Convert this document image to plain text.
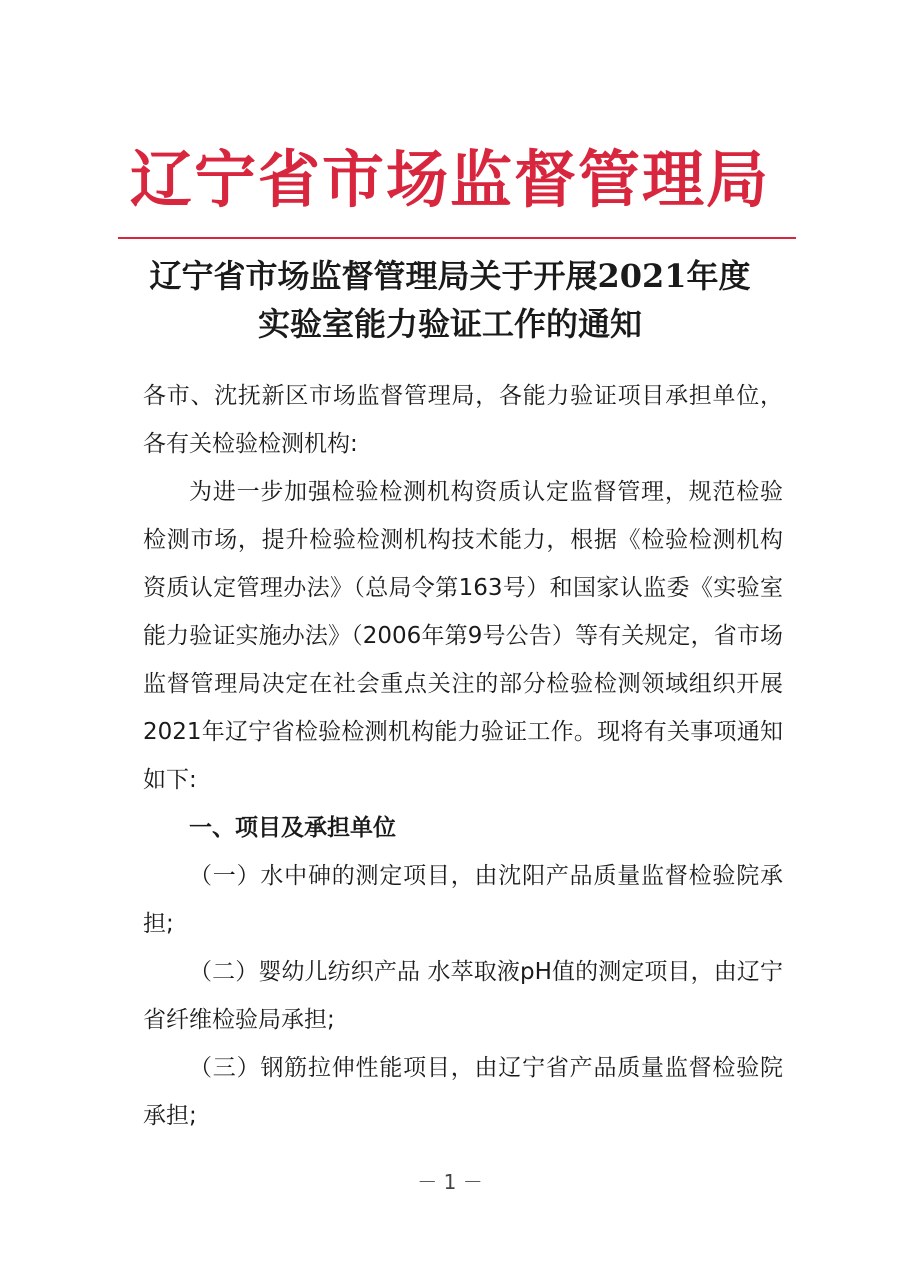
辽宁省市场监督管理局
辽宁省市场监督管理局关于开展2021年度
实验室能力验证工作的通知

各市、沈抚新区市场监督管理局，各能力验证项目承担单位，各有关检验检测机构:

为进一步加强检验检测机构资质认定监督管理，规范检验检测市场，提升检验检测机构技术能力，根据《检验检测机构资质认定管理办法》（总局令第163号）和国家认监委《实验室能力验证实施办法》（2006年第9号公告）等有关规定，省市场监督管理局决定在社会重点关注的部分检验检测领域组织开展2021年辽宁省检验检测机构能力验证工作。现将有关事项通知如下:

一、项目及承担单位

（一）水中砷的测定项目，由沈阳产品质量监督检验院承担;

（二）婴幼儿纺织产品 水萃取液pH值的测定项目，由辽宁省纤维检验局承担;

（三）钢筋拉伸性能项目，由辽宁省产品质量监督检验院承担;

－ 1 －
